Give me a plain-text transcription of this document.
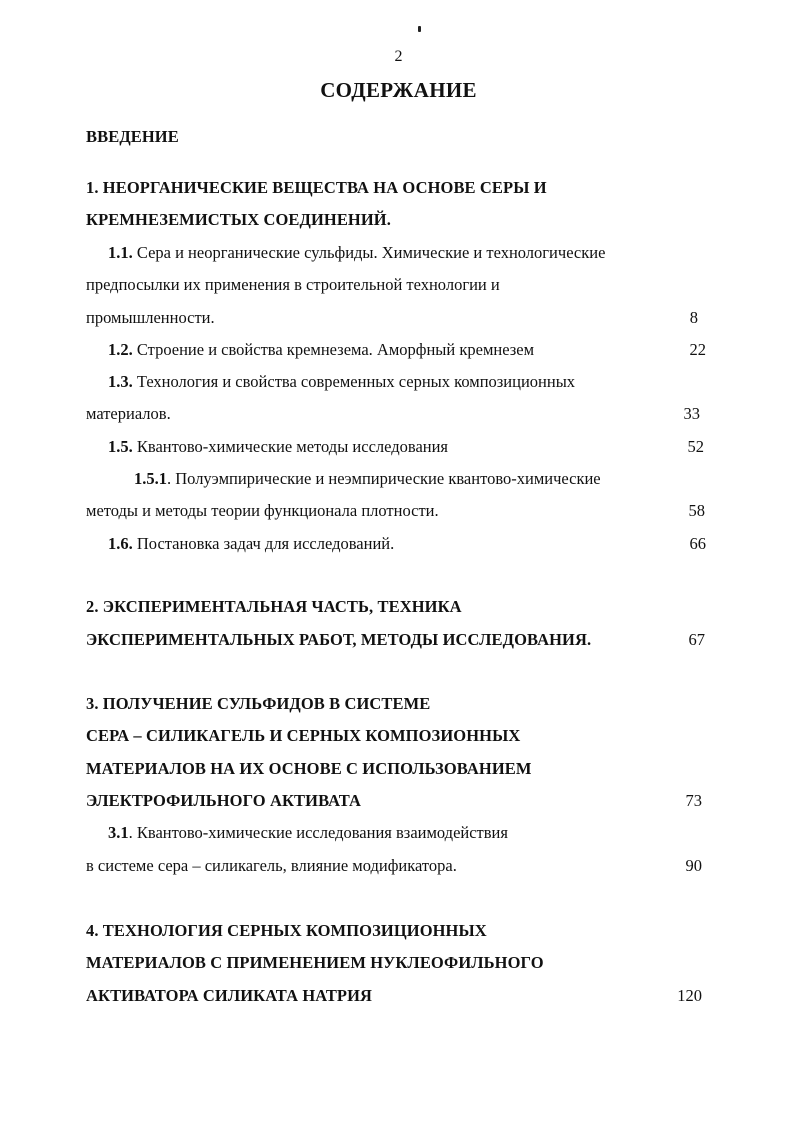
2
СОДЕРЖАНИЕ
ВВЕДЕНИЕ
1. НЕОРГАНИЧЕСКИЕ ВЕЩЕСТВА НА ОСНОВЕ СЕРЫ И
КРЕМНЕЗЕМИСТЫХ СОЕДИНЕНИЙ.
1.1. Сера и неорганические сульфиды. Химические и технологические
предпосылки их применения в строительной технологии и
промышленности.	8
1.2. Строение и свойства кремнезема. Аморфный кремнезем	22
1.3. Технология и свойства современных серных композиционных
материалов.	33
1.5. Квантово-химические методы исследования	52
1.5.1. Полуэмпирические и неэмпирические квантово-химические
методы и методы теории функционала плотности.	58
1.6. Постановка задач для исследований.	66
2. ЭКСПЕРИМЕНТАЛЬНАЯ ЧАСТЬ, ТЕХНИКА
ЭКСПЕРИМЕНТАЛЬНЫХ РАБОТ, МЕТОДЫ ИССЛЕДОВАНИЯ.	67
3. ПОЛУЧЕНИЕ СУЛЬФИДОВ В СИСТЕМЕ
СЕРА – СИЛИКАГЕЛЬ И СЕРНЫХ КОМПОЗИОННЫХ
МАТЕРИАЛОВ НА ИХ ОСНОВЕ С ИСПОЛЬЗОВАНИЕМ
ЭЛЕКТРОФИЛЬНОГО АКТИВАТА	73
3.1. Квантово-химические исследования взаимодействия
в системе сера – силикагель, влияние модификатора.	90
4. ТЕХНОЛОГИЯ СЕРНЫХ КОМПОЗИЦИОННЫХ
МАТЕРИАЛОВ С ПРИМЕНЕНИЕМ НУКЛЕОФИЛЬНОГО
АКТИВАТОРА СИЛИКАТА НАТРИЯ	120
